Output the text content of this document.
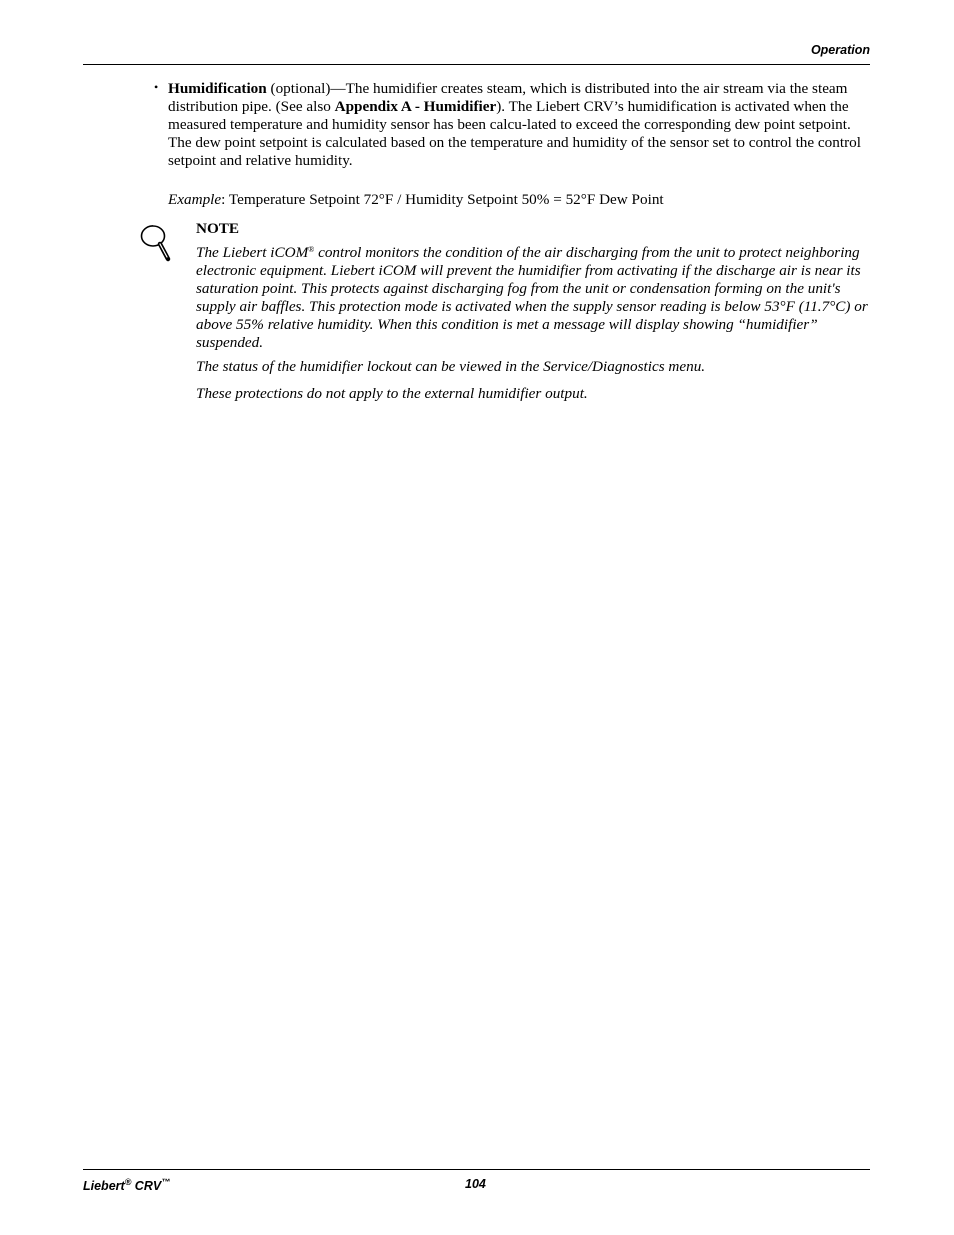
Operation
• Humidification (optional)—The humidifier creates steam, which is distributed into the air stream via the steam distribution pipe. (See also Appendix A - Humidifier). The Liebert CRV’s humidification is activated when the measured temperature and humidity sensor has been calcu-lated to exceed the corresponding dew point setpoint. The dew point setpoint is calculated based on the temperature and humidity of the sensor set to control the control setpoint and relative humidity.

Example: Temperature Setpoint 72°F / Humidity Setpoint 50% = 52°F Dew Point

NOTE

The Liebert iCOM® control monitors the condition of the air discharging from the unit to protect neighboring electronic equipment. Liebert iCOM will prevent the humidifier from activating if the discharge air is near its saturation point. This protects against discharging fog from the unit or condensation forming on the unit's supply air baffles. This protection mode is activated when the supply sensor reading is below 53°F (11.7°C) or above 55% relative humidity. When this condition is met a message will display showing “humidifier” suspended.

The status of the humidifier lockout can be viewed in the Service/Diagnostics menu.

These protections do not apply to the external humidifier output.

Liebert® CRV™	104
